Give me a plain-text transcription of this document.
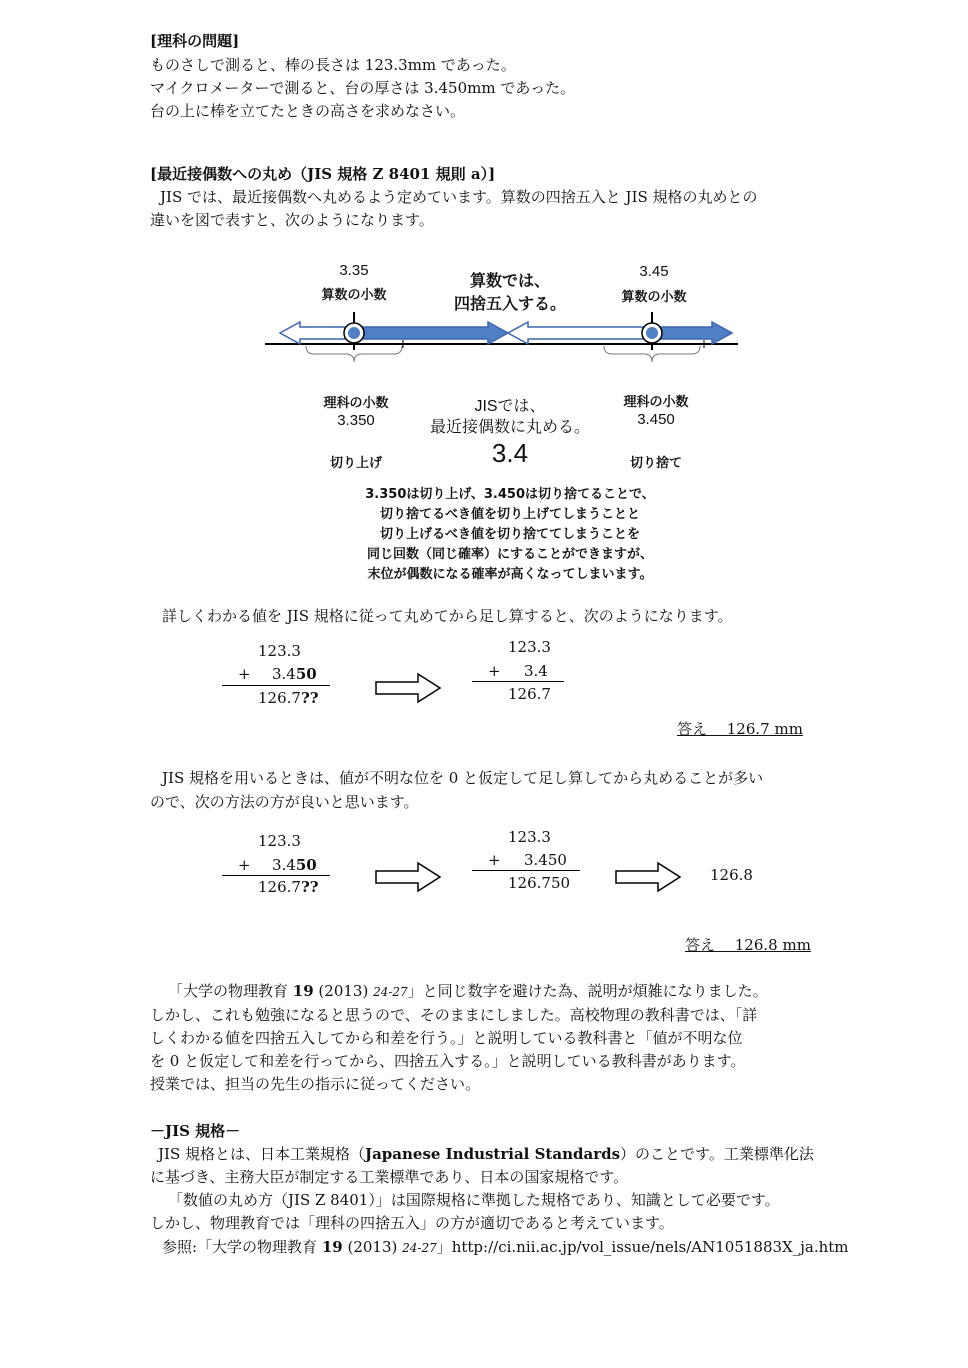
[理科の問題]
ものさしで測ると、棒の長さは 123.3mm であった。
マイクロメーターで測ると、台の厚さは 3.450mm であった。
台の上に棒を立てたときの高さを求めなさい。
[最近接偶数への丸め（JIS 規格 Z 8401 規則 a）]
JIS では、最近接偶数へ丸めるよう定めています。算数の四捨五入と JIS 規格の丸めとの
違いを図で表すと、次のようになります。
3.35
算数の小数
3.45
算数の小数
算数では、
四捨五入する。
理科の小数
3.350
理科の小数
3.450
JISでは、
最近接偶数に丸める。
3.4
切り上げ	切り捨て
3.350は切り上げ、3.450は切り捨てることで、
切り捨てるべき値を切り上げてしまうことと
切り上げるべき値を切り捨ててしまうことを
同じ回数（同じ確率）にすることができますが、
末位が偶数になる確率が高くなってしまいます。
詳しくわかる値を JIS 規格に従って丸めてから足し算すると、次のようになります。
123.3
+ 3.450
126.7??
123.3
+ 3.4
126.7
答え　 126.7 mm
JIS 規格を用いるときは、値が不明な位を 0 と仮定して足し算してから丸めることが多い
ので、次の方法の方が良いと思います。
123.3
+ 3.450
126.7??
123.3
+ 3.450
126.750	126.8
答え　 126.8 mm
「大学の物理教育 19 (2013) 24-27」と同じ数字を避けた為、説明が煩雑になりました。
しかし、これも勉強になると思うので、そのままにしました。高校物理の教科書では、「詳
しくわかる値を四捨五入してから和差を行う。」と説明している教科書と「値が不明な位
を 0 と仮定して和差を行ってから、四捨五入する。」と説明している教科書があります。
授業では、担当の先生の指示に従ってください。
－JIS 規格－
JIS 規格とは、日本工業規格（Japanese Industrial Standards）のことです。工業標準化法
に基づき、主務大臣が制定する工業標準であり、日本の国家規格です。
「数値の丸め方（JIS Z 8401）」は国際規格に準拠した規格であり、知識として必要です。
しかし、物理教育では「理科の四捨五入」の方が適切であると考えています。
参照:「大学の物理教育 19 (2013) 24-27」http://ci.nii.ac.jp/vol_issue/nels/AN1051883X_ja.htm
